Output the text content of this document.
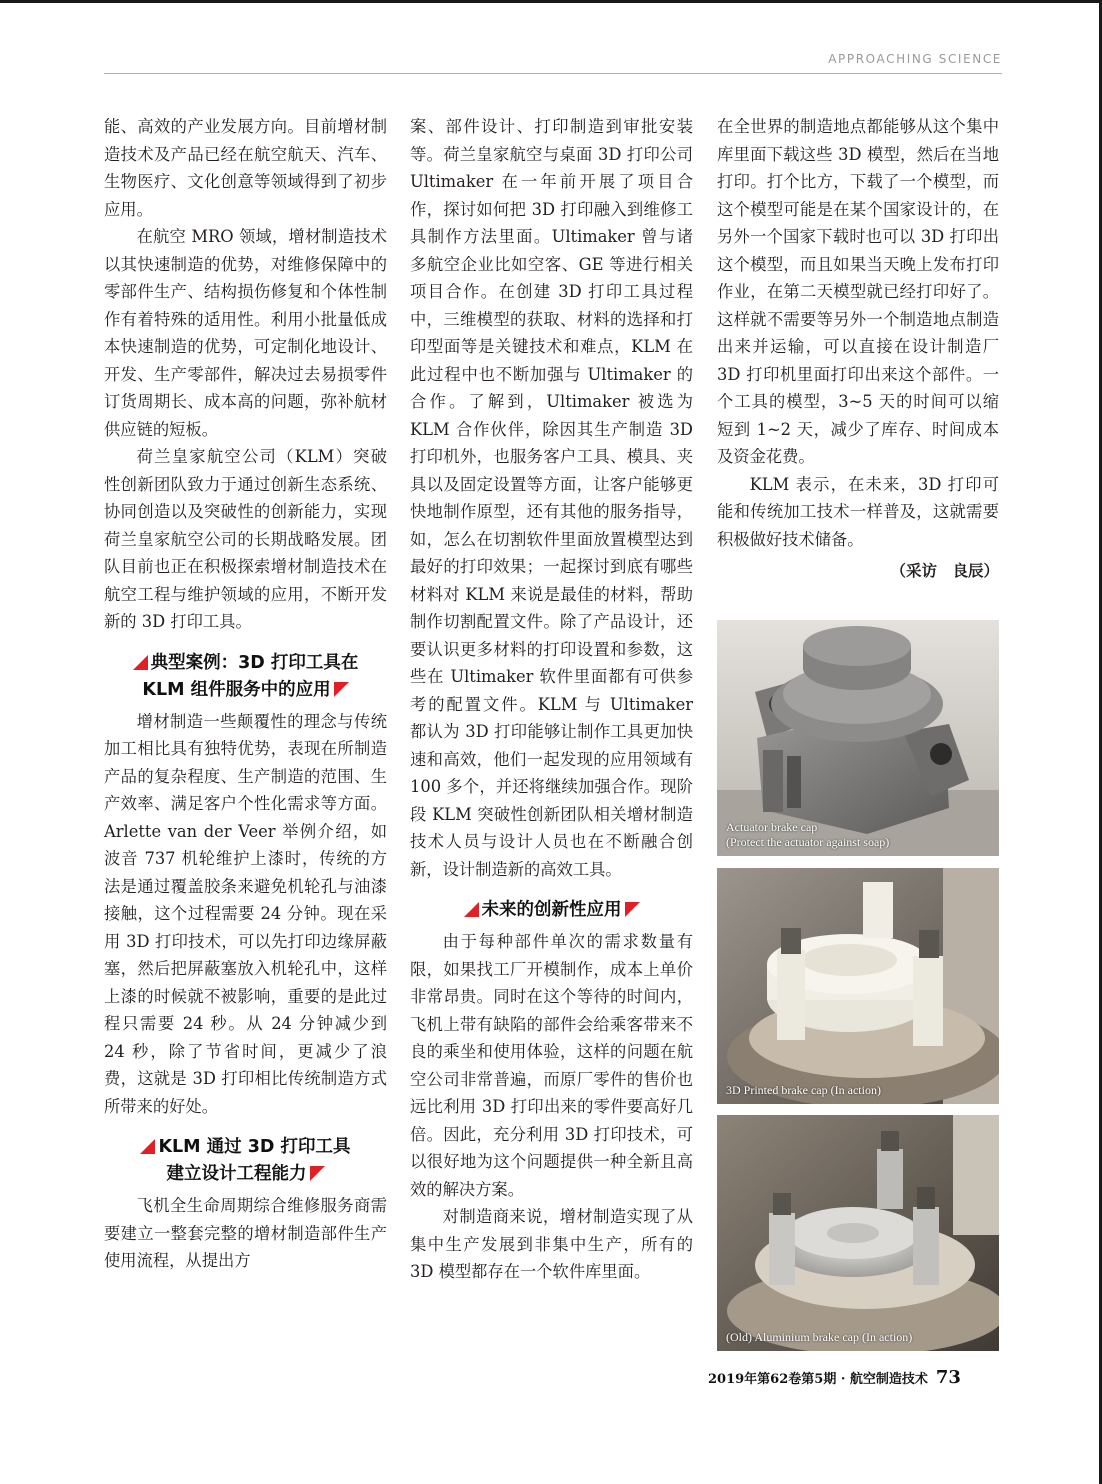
APPROACHING SCIENCE

能、高效的产业发展方向。目前增材制造技术及产品已经在航空航天、汽车、生物医疗、文化创意等领域得到了初步应用。

在航空 MRO 领域，增材制造技术以其快速制造的优势，对维修保障中的零部件生产、结构损伤修复和个体性制作有着特殊的适用性。利用小批量低成本快速制造的优势，可定制化地设计、开发、生产零部件，解决过去易损零件订货周期长、成本高的问题，弥补航材供应链的短板。

荷兰皇家航空公司（KLM）突破性创新团队致力于通过创新生态系统、协同创造以及突破性的创新能力，实现荷兰皇家航空公司的长期战略发展。团队目前也正在积极探索增材制造技术在航空工程与维护领域的应用，不断开发新的 3D 打印工具。

典型案例：3D 打印工具在
KLM 组件服务中的应用

增材制造一些颠覆性的理念与传统加工相比具有独特优势，表现在所制造产品的复杂程度、生产制造的范围、生产效率、满足客户个性化需求等方面。Arlette van der Veer 举例介绍，如波音 737 机轮维护上漆时，传统的方法是通过覆盖胶条来避免机轮孔与油漆接触，这个过程需要 24 分钟。现在采用 3D 打印技术，可以先打印边缘屏蔽塞，然后把屏蔽塞放入机轮孔中，这样上漆的时候就不被影响，重要的是此过程只需要 24 秒。从 24 分钟减少到 24 秒，除了节省时间，更减少了浪费，这就是 3D 打印相比传统制造方式所带来的好处。

KLM 通过 3D 打印工具
建立设计工程能力

飞机全生命周期综合维修服务商需要建立一整套完整的增材制造部件生产使用流程，从提出方

案、部件设计、打印制造到审批安装等。荷兰皇家航空与桌面 3D 打印公司 Ultimaker 在一年前开展了项目合作，探讨如何把 3D 打印融入到维修工具制作方法里面。Ultimaker 曾与诸多航空企业比如空客、GE 等进行相关项目合作。在创建 3D 打印工具过程中，三维模型的获取、材料的选择和打印型面等是关键技术和难点，KLM 在此过程中也不断加强与 Ultimaker 的合作。了解到，Ultimaker 被选为 KLM 合作伙伴，除因其生产制造 3D 打印机外，也服务客户工具、模具、夹具以及固定设置等方面，让客户能够更快地制作原型，还有其他的服务指导，如，怎么在切割软件里面放置模型达到最好的打印效果；一起探讨到底有哪些材料对 KLM 来说是最佳的材料，帮助制作切割配置文件。除了产品设计，还要认识更多材料的打印设置和参数，这些在 Ultimaker 软件里面都有可供参考的配置文件。KLM 与 Ultimaker 都认为 3D 打印能够让制作工具更加快速和高效，他们一起发现的应用领域有 100 多个，并还将继续加强合作。现阶段 KLM 突破性创新团队相关增材制造技术人员与设计人员也在不断融合创新，设计制造新的高效工具。

未来的创新性应用

由于每种部件单次的需求数量有限，如果找工厂开模制作，成本上单价非常昂贵。同时在这个等待的时间内，飞机上带有缺陷的部件会给乘客带来不良的乘坐和使用体验，这样的问题在航空公司非常普遍，而原厂零件的售价也远比利用 3D 打印出来的零件要高好几倍。因此，充分利用 3D 打印技术，可以很好地为这个问题提供一种全新且高效的解决方案。

对制造商来说，增材制造实现了从集中生产发展到非集中生产，所有的 3D 模型都存在一个软件库里面。

在全世界的制造地点都能够从这个集中库里面下载这些 3D 模型，然后在当地打印。打个比方，下载了一个模型，而这个模型可能是在某个国家设计的，在另外一个国家下载时也可以 3D 打印出这个模型，而且如果当天晚上发布打印作业，在第二天模型就已经打印好了。这样就不需要等另外一个制造地点制造出来并运输，可以直接在设计制造厂 3D 打印机里面打印出来这个部件。一个工具的模型，3~5 天的时间可以缩短到 1~2 天，减少了库存、时间成本及资金花费。

KLM 表示，在未来，3D 打印可能和传统加工技术一样普及，这就需要积极做好技术储备。

（采访　良辰）
Actuator brake cap
(Protect the actuator against soap)
3D Printed brake cap (In action)
(Old) Aluminium brake cap (In action)
2019年第62卷第5期 · 航空制造技术 73
